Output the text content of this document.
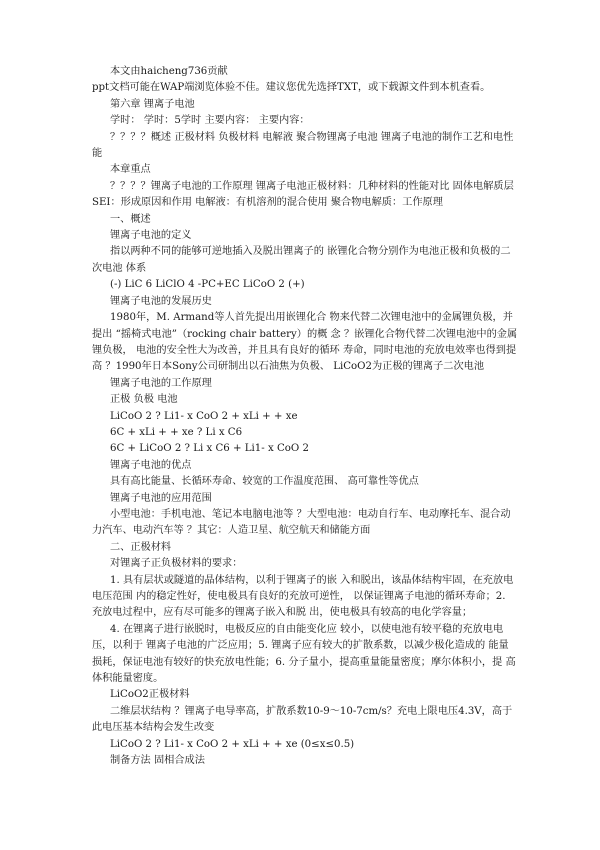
本文由haicheng736贡献

ppt文档可能在WAP端浏览体验不佳。建议您优先选择TXT，或下载源文件到本机查看。

第六章 锂离子电池

学时： 学时：5学时 主要内容： 主要内容：

？？？？概述 正极材料 负极材料 电解液 聚合物锂离子电池 锂离子电池的制作工艺和电性能

本章重点

？？？？锂离子电池的工作原理 锂离子电池正极材料：几种材料的性能对比 固体电解质层SEI：形成原因和作用 电解液：有机溶剂的混合使用 聚合物电解质：工作原理

一、概述

锂离子电池的定义

指以两种不同的能够可逆地插入及脱出锂离子的 嵌锂化合物分别作为电池正极和负极的二次电池 体系

(-) LiC 6 LiClO 4 -PC+EC LiCoO 2 (+)

锂离子电池的发展历史

1980年，M. Armand等人首先提出用嵌锂化合 物来代替二次锂电池中的金属锂负极，并提出 “摇椅式电池”（rocking chair battery）的概 念 ？嵌锂化合物代替二次锂电池中的金属锂负极， 电池的安全性大为改善，并且具有良好的循环 寿命，同时电池的充放电效率也得到提高 ？1990年日本Sony公司研制出以石油焦为负极、 LiCoO2为正极的锂离子二次电池

锂离子电池的工作原理

正极 负极 电池

LiCoO 2 ? Li1- x CoO 2 + xLi + + xe

6C + xLi + + xe ? Li x C6

6C + LiCoO 2 ? Li x C6 + Li1- x CoO 2

锂离子电池的优点

具有高比能量、长循环寿命、较宽的工作温度范围、 高可靠性等优点

锂离子电池的应用范围

小型电池：手机电池、笔记本电脑电池等 ？大型电池：电动自行车、电动摩托车、混合动 力汽车、电动汽车等 ？其它：人造卫星、航空航天和储能方面

二、正极材料

对锂离子正负极材料的要求：

1. 具有层状或隧道的晶体结构，以利于锂离子的嵌 入和脱出，该晶体结构牢固，在充放电电压范围 内的稳定性好，使电极具有良好的充放可逆性， 以保证锂离子电池的循环寿命；2. 充放电过程中，应有尽可能多的锂离子嵌入和脱 出，使电极具有较高的电化学容量；

4. 在锂离子进行嵌脱时，电极反应的自由能变化应 较小，以使电池有较平稳的充放电电压，以利于 锂离子电池的广泛应用；5. 锂离子应有较大的扩散系数，以减少极化造成的 能量损耗，保证电池有较好的快充放电性能；6. 分子量小，提高重量能量密度；摩尔体积小，提 高体积能量密度。

LiCoO2正极材料

二维层状结构 ？锂离子电导率高，扩散系数10-9～10-7cm/s？充电上限电压4.3V，高于此电压基本结构会发生改变

LiCoO 2 ? Li1- x CoO 2 + xLi + + xe (0≤x≤0.5)

制备方法 固相合成法
